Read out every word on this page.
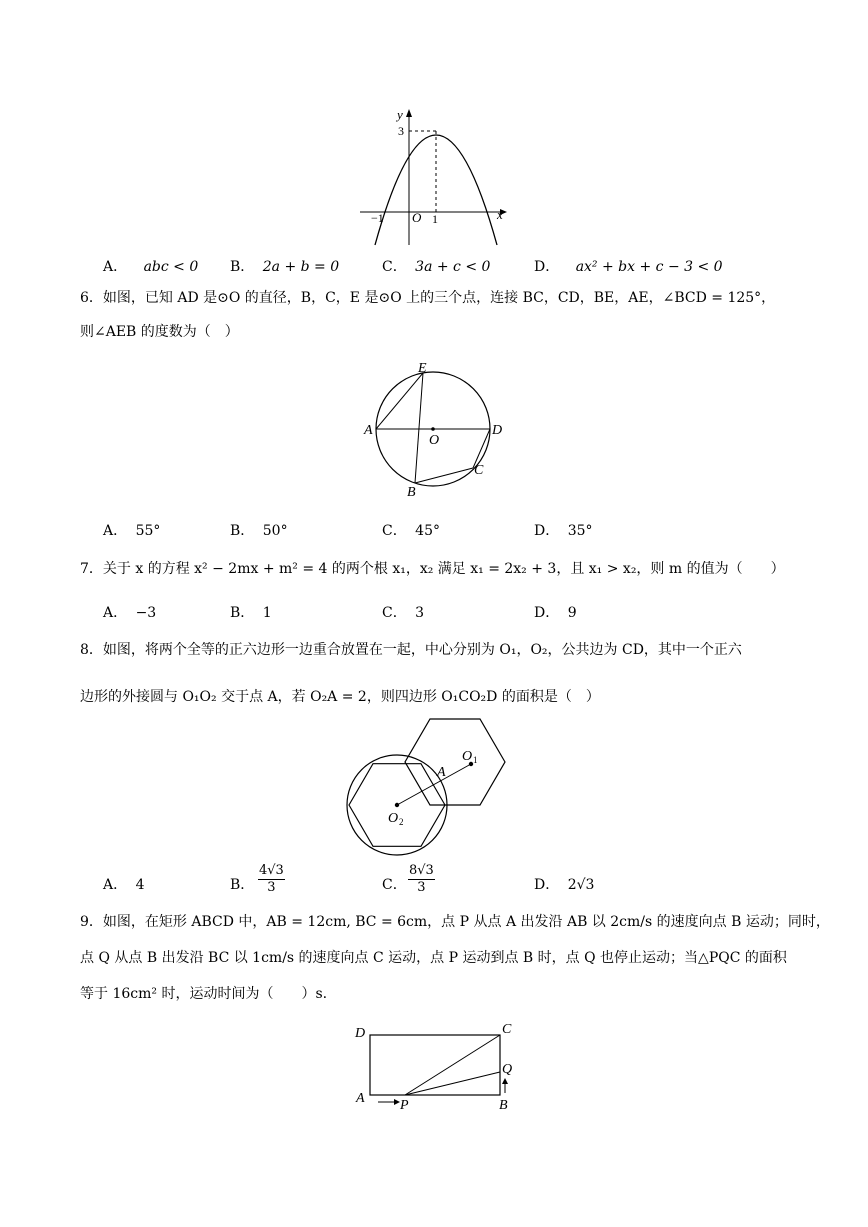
y
x
3
−1 O 1
A． abc < 0 B． 2a + b = 0	C． 3a + c < 0	D． ax² + bx + c − 3 < 0
6．如图，已知 AD 是⊙O 的直径，B，C，E 是⊙O 上的三个点，连接 BC，CD，BE，AE，∠BCD = 125°，
则∠AEB 的度数为（　）
E
A	D
O
C
B
A． 55°	B． 50°	C． 45°	D． 35°
7．关于 x 的方程 x² − 2mx + m² = 4 的两个根 x₁，x₂ 满足 x₁ = 2x₂ + 3，且 x₁ > x₂，则 m 的值为（　　）
A． −3	B． 1	C． 3	D． 9
8．如图，将两个全等的正六边形一边重合放置在一起，中心分别为 O₁，O₂，公共边为 CD，其中一个正六
边形的外接圆与 O₁O₂ 交于点 A，若 O₂A = 2，则四边形 O₁CO₂D 的面积是（　）
O 1
A
O 2
A． 4	B． $\frac{4√3}{3}$	C． $\frac{8√3}{3}$	D． 2√3
9．如图，在矩形 ABCD 中，AB = 12cm, BC = 6cm，点 P 从点 A 出发沿 AB 以 2cm/s 的速度向点 B 运动；同时，
点 Q 从点 B 出发沿 BC 以 1cm/s 的速度向点 C 运动，点 P 运动到点 B 时，点 Q 也停止运动；当△PQC 的面积
等于 16cm² 时，运动时间为（　　）s.
D	C
Q
A	P	B
